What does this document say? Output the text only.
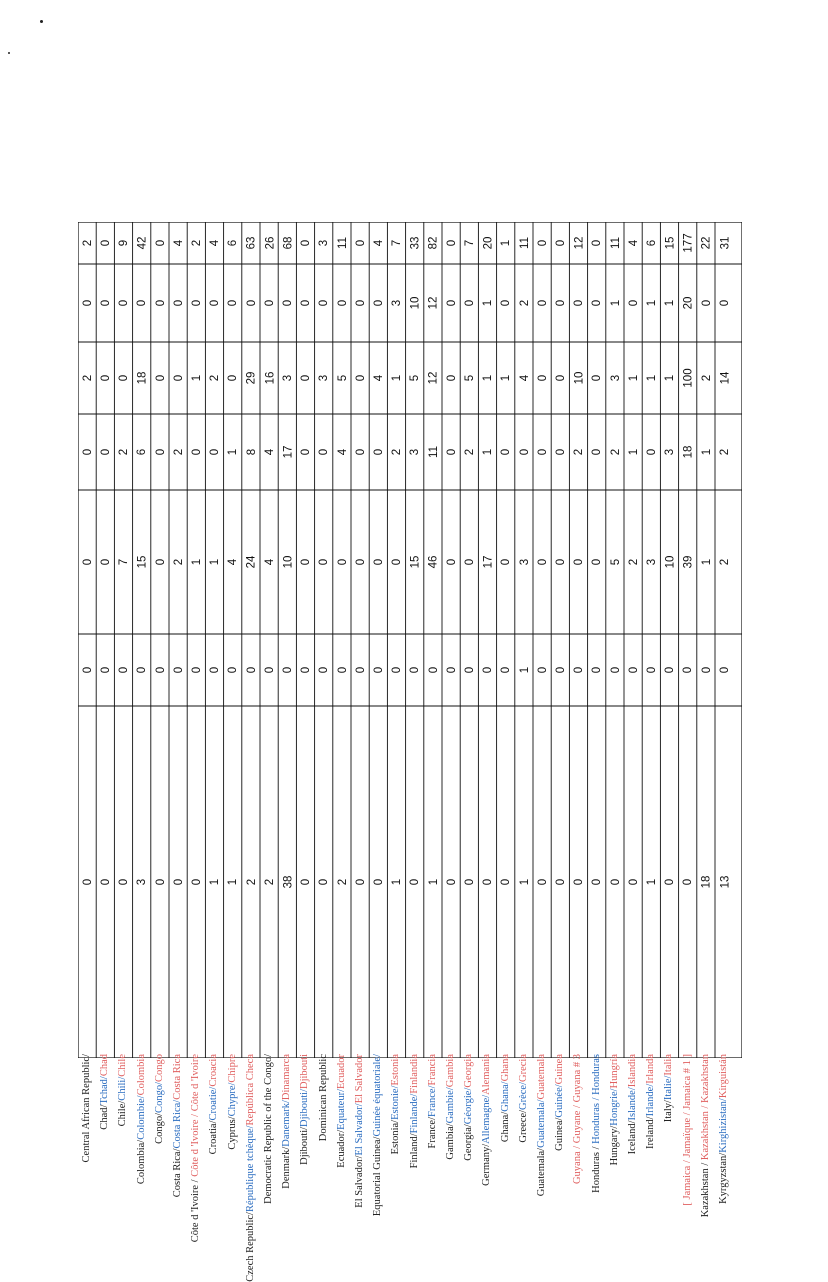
Central African Republic/
0
0
0
0
2
0
2
Chad/Tchad/Chad
0
0
0
0
0
0
0
Chile/Chili/Chile
0
0
7
2
0
0
9
Colombia/Colombie/Colombia
3
0
15
6
18
0
42
Congo/Congo/Congo
0
0
0
0
0
0
0
Costa Rica/Costa Rica/Costa Rica
0
0
2
2
0
0
4
Côte d 'Ivoire / Côte d 'Ivoire / Côte d 'Ivoire
0
0
1
0
1
0
2
Croatia/Croatie/Croacia
1
0
1
0
2
0
4
Cyprus/Chypre/Chipre
1
0
4
1
0
0
6
Czech Republic/République tchèque/República Checa
2
0
24
8
29
0
63
Democratic Republic of the Congo/
2
0
4
4
16
0
26
Denmark/Danemark/Dinamarca
38
0
10
17
3
0
68
Djibouti/Djibouti/Djibouti
0
0
0
0
0
0
0
Dominican Republic
0
0
0
0
3
0
3
Ecuador/Equateur/Ecuador
2
0
0
4
5
0
11
El Salvador/El Salvador/El Salvador
0
0
0
0
0
0
0
Equatorial Guinea/Guinée équatoriale/
0
0
0
0
4
0
4
Estonia/Estonie/Estonia
1
0
0
2
1
3
7
Finland/Finlande/Finlandia
0
0
15
3
5
10
33
France/France/Francia
1
0
46
11
12
12
82
Gambia/Gambie/Gambia
0
0
0
0
0
0
0
Georgia/Géorgie/Georgia
0
0
0
2
5
0
7
Germany/Allemagne/Alemania
0
0
17
1
1
1
20
Ghana/Ghana/Ghana
0
0
0
0
1
0
1
Greece/Grèce/Grecia
1
1
3
0
4
2
11
Guatemala/Guatemala/Guatemala
0
0
0
0
0
0
0
Guinea/Guinée/Guinea
0
0
0
0
0
0
0
Guyana / Guyane / Guyana # 3
0
0
0
2
10
0
12
Honduras / Honduras / Honduras
0
0
0
0
0
0
0
Hungary/Hongrie/Hungría
0
0
5
2
3
1
11
Iceland/Islande/Islandia
0
0
2
1
1
0
4
Ireland/Irlande/Irlanda
1
0
3
0
1
1
6
Italy/Italie/Italia
0
0
10
3
1
1
15
[ Jamaica / Jamaïque / Jamaica # 1 ]
0
0
39
18
100
20
177
Kazakhstan / Kazakhstan / Kazakhstan
18
0
1
1
2
0
22
Kyrgyzstan/Kirghizistan/Kirguistán
13
0
2
2
14
0
31
